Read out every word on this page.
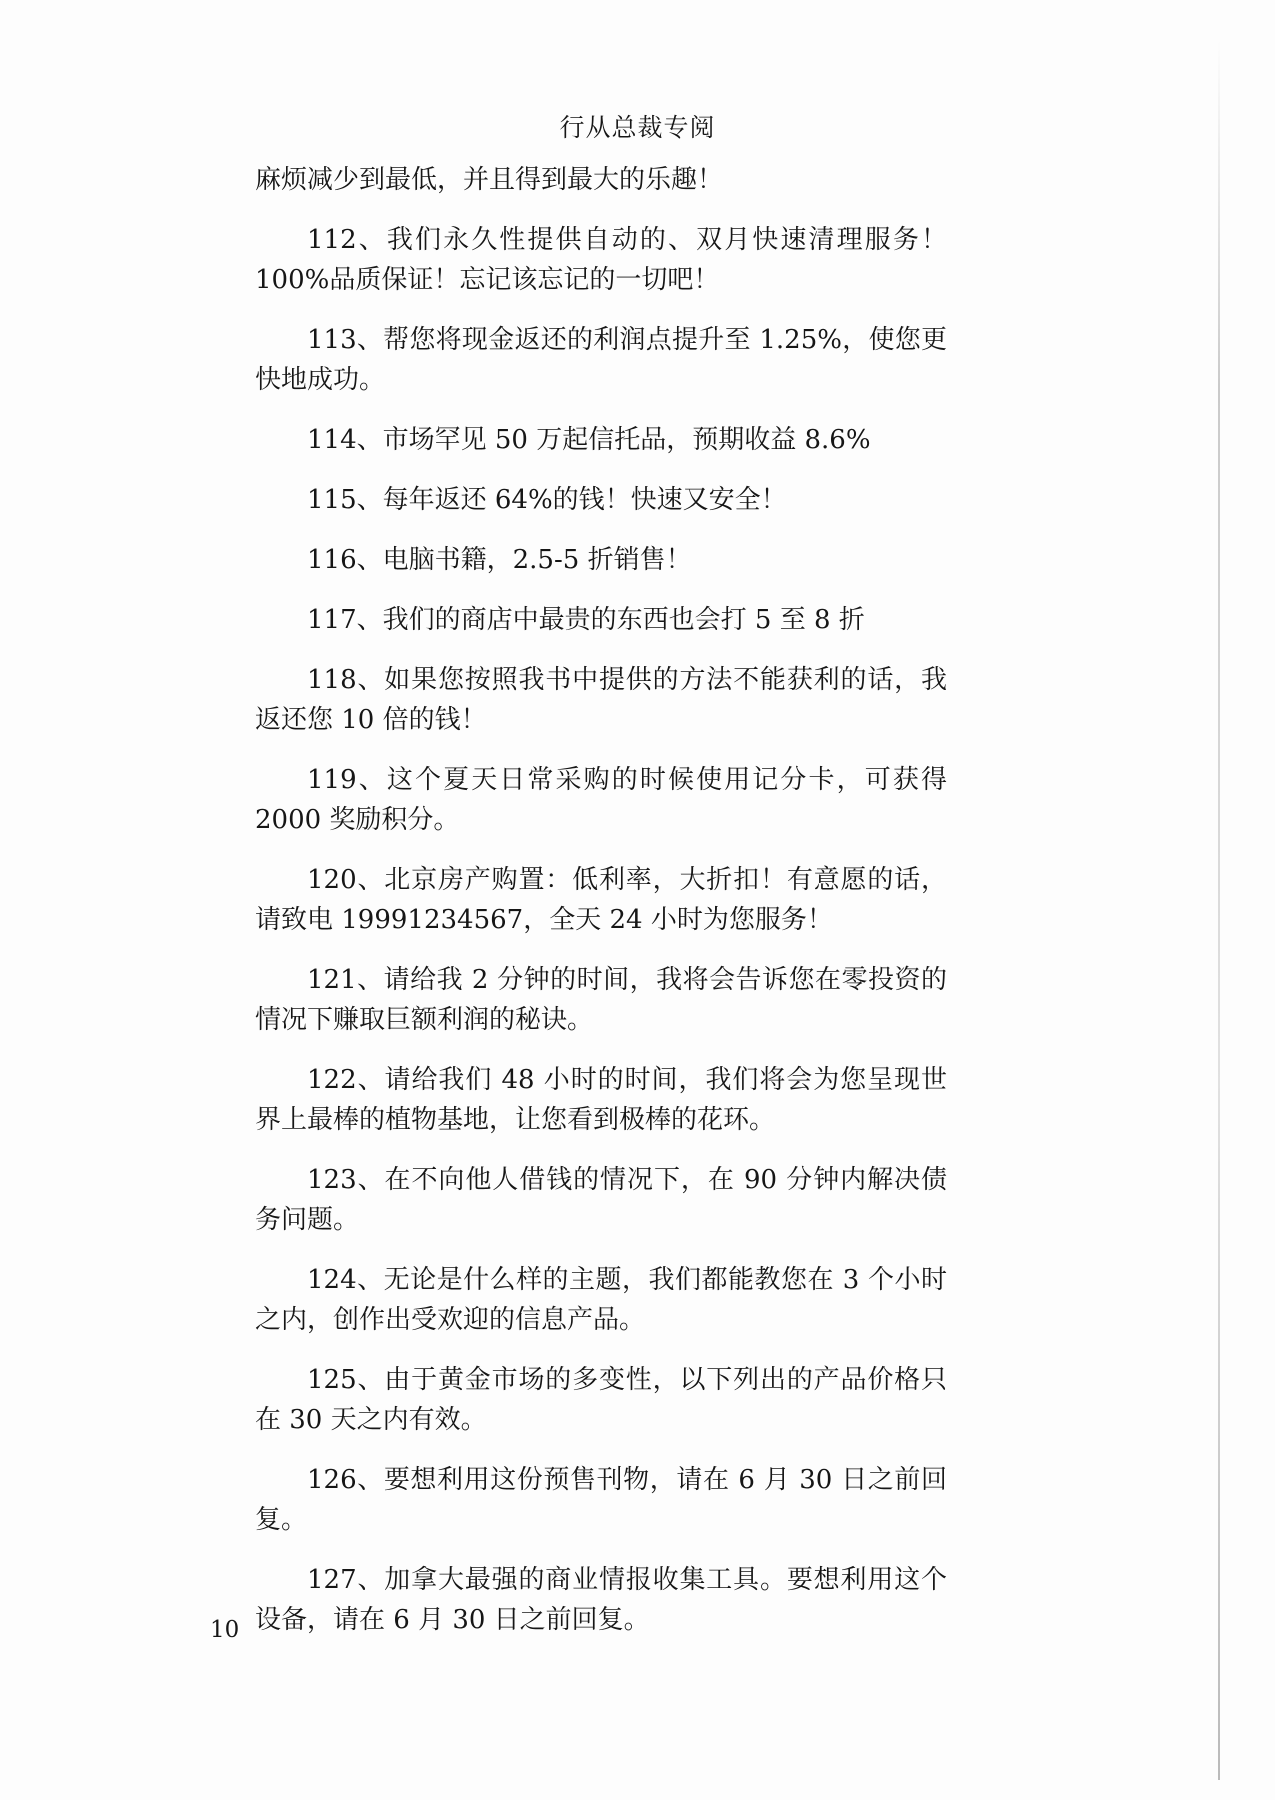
行从总裁专阅

麻烦减少到最低，并且得到最大的乐趣！

112、我们永久性提供自动的、双月快速清理服务！100%品质保证！忘记该忘记的一切吧！

113、帮您将现金返还的利润点提升至 1.25%，使您更快地成功。

114、市场罕见 50 万起信托品，预期收益 8.6%

115、每年返还 64%的钱！快速又安全！

116、电脑书籍，2.5-5 折销售！

117、我们的商店中最贵的东西也会打 5 至 8 折

118、如果您按照我书中提供的方法不能获利的话，我返还您 10 倍的钱！

119、这个夏天日常采购的时候使用记分卡，可获得 2000 奖励积分。

120、北京房产购置：低利率，大折扣！有意愿的话，请致电 19991234567，全天 24 小时为您服务！

121、请给我 2 分钟的时间，我将会告诉您在零投资的情况下赚取巨额利润的秘诀。

122、请给我们 48 小时的时间，我们将会为您呈现世界上最棒的植物基地，让您看到极棒的花环。

123、在不向他人借钱的情况下，在 90 分钟内解决债务问题。

124、无论是什么样的主题，我们都能教您在 3 个小时之内，创作出受欢迎的信息产品。

125、由于黄金市场的多变性，以下列出的产品价格只在 30 天之内有效。

126、要想利用这份预售刊物，请在 6 月 30 日之前回复。

127、加拿大最强的商业情报收集工具。要想利用这个设备，请在 6 月 30 日之前回复。

10
